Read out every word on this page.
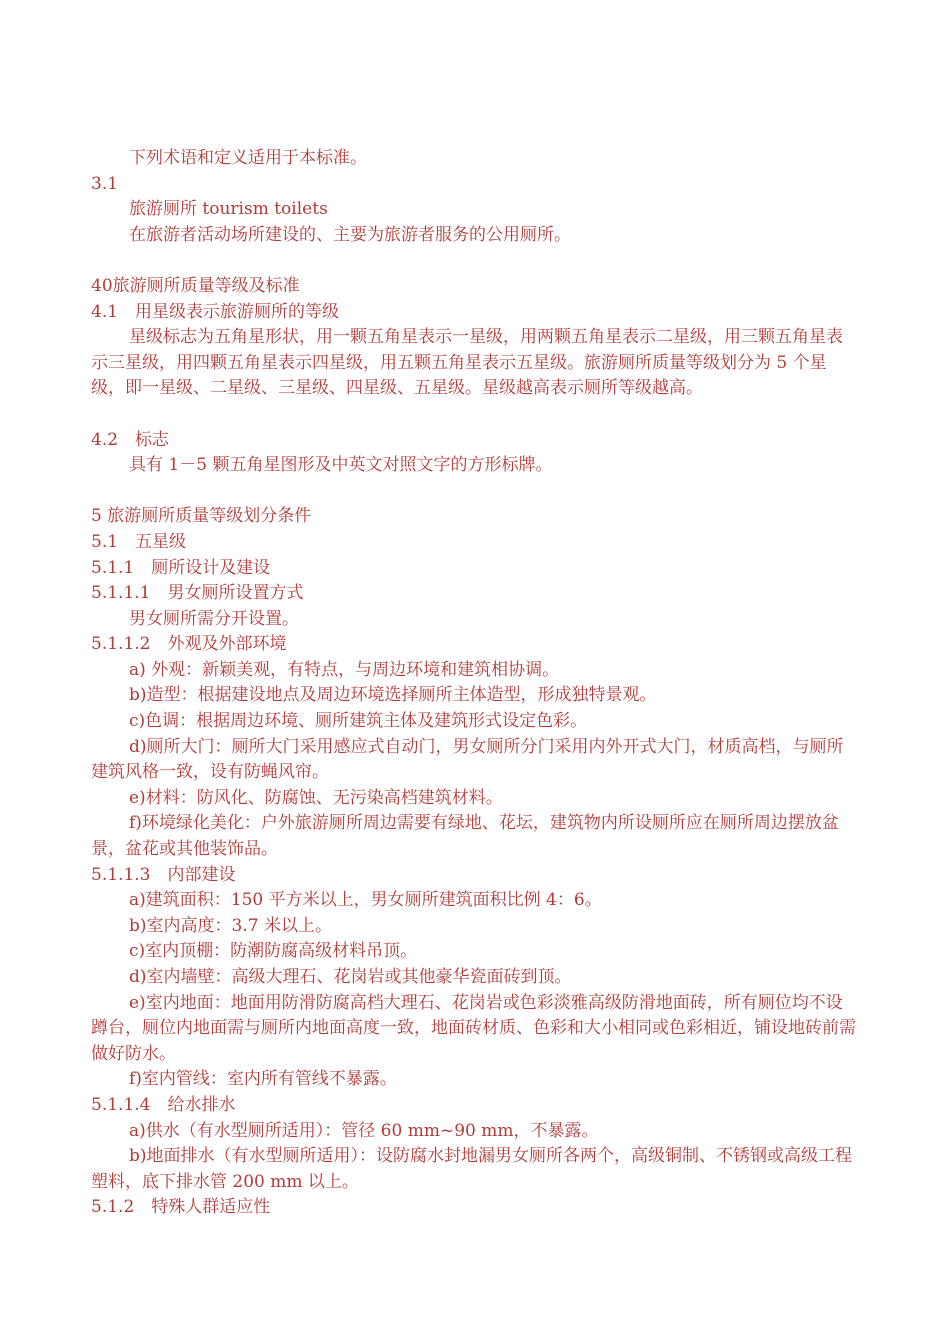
下列术语和定义适用于本标准。

3.1

旅游厕所 tourism toilets

在旅游者活动场所建设的、主要为旅游者服务的公用厕所。

40旅游厕所质量等级及标准

4.1　用星级表示旅游厕所的等级

星级标志为五角星形状，用一颗五角星表示一星级，用两颗五角星表示二星级，用三颗五角星表示三星级，用四颗五角星表示四星级，用五颗五角星表示五星级。旅游厕所质量等级划分为 5 个星级，即一星级、二星级、三星级、四星级、五星级。星级越高表示厕所等级越高。

4.2　标志

具有 1－5 颗五角星图形及中英文对照文字的方形标牌。

5 旅游厕所质量等级划分条件

5.1　五星级

5.1.1　厕所设计及建设

5.1.1.1　男女厕所设置方式

男女厕所需分开设置。

5.1.1.2　外观及外部环境

a) 外观：新颖美观，有特点，与周边环境和建筑相协调。

b)造型：根据建设地点及周边环境选择厕所主体造型，形成独特景观。

c)色调：根据周边环境、厕所建筑主体及建筑形式设定色彩。

d)厕所大门：厕所大门采用感应式自动门，男女厕所分门采用内外开式大门，材质高档，与厕所建筑风格一致，设有防蝇风帘。

e)材料：防风化、防腐蚀、无污染高档建筑材料。

f)环境绿化美化：户外旅游厕所周边需要有绿地、花坛，建筑物内所设厕所应在厕所周边摆放盆景，盆花或其他装饰品。

5.1.1.3　内部建设

a)建筑面积：150 平方米以上，男女厕所建筑面积比例 4：6。

b)室内高度：3.7 米以上。

c)室内顶棚：防潮防腐高级材料吊顶。

d)室内墙壁：高级大理石、花岗岩或其他豪华瓷面砖到顶。

e)室内地面：地面用防滑防腐高档大理石、花岗岩或色彩淡雅高级防滑地面砖，所有厕位均不设蹲台，厕位内地面需与厕所内地面高度一致，地面砖材质、色彩和大小相同或色彩相近，铺设地砖前需做好防水。

f)室内管线：室内所有管线不暴露。

5.1.1.4　给水排水

a)供水（有水型厕所适用）：管径 60 mm~90 mm，不暴露。

b)地面排水（有水型厕所适用）：设防腐水封地漏男女厕所各两个，高级铜制、不锈钢或高级工程塑料，底下排水管 200 mm 以上。

5.1.2　特殊人群适应性
